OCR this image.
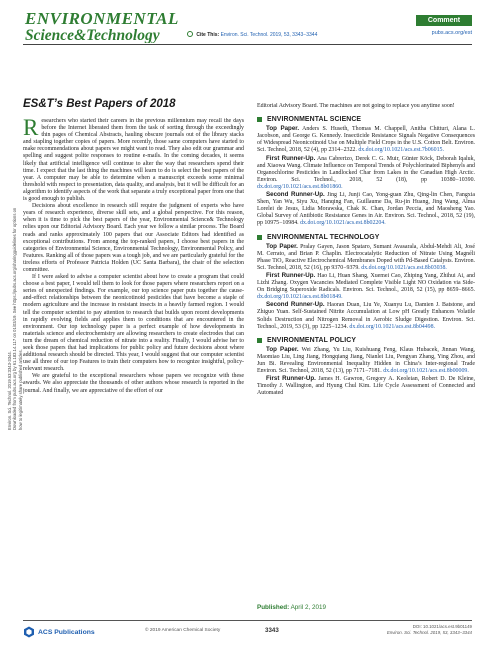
ENVIRONMENTAL
Science&Technology
Comment
Cite This: Environ. Sci. Technol. 2019, 53, 3343−3344	pubs.acs.org/est
Environ. Sci. Technol. 2019.53:3343-3344.
Downloaded from pubs.acs.org by 61.183.14.117 on 01/03/19. See https://pubs.acs.org/sharingguidelines for options on how to legitimately share published articles.
ES&T’s Best Papers of 2018

Researchers who started their careers in the previous millennium may recall the days before the Internet liberated them from the task of sorting through the exceedingly thin pages of Chemical Abstracts, hauling obscure journals out of the library stacks and stapling together copies of papers. More recently, those same computers have started to make recommendations about papers we might want to read. They also edit our grammar and spelling and suggest polite responses to routine e-mails. In the coming decades, it seems likely that artificial intelligence will continue to alter the way that researchers spend their time. I expect that the last thing the machines will learn to do is select the best papers of the year. A computer may be able to determine when a manuscript exceeds some minimal threshold with respect to presentation, data quality, and analysis, but it will be difficult for an algorithm to identify aspects of the work that separate a truly exceptional paper from one that is good enough to publish.

Decisions about excellence in research still require the judgment of experts who have years of research experience, diverse skill sets, and a global perspective. For this reason, when it is time to pick the best papers of the year, Environmental Science& Technology relies upon our Editorial Advisory Board. Each year we follow a similar process. The Board reads and ranks approximately 100 papers that our Associate Editors had identified as exceptional contributions. From among the top-ranked papers, I choose best papers in the categories of Environmental Science, Environmental Technology, Environmental Policy, and Features. Ranking all of those papers was a tough job, and we are particularly grateful for the tireless efforts of Professor Patricia Holden (UC Santa Barbara), the chair of the selection committee.

If I were asked to advise a computer scientist about how to create a program that could choose a best paper, I would tell them to look for those papers where researchers report on a series of unexpected findings. For example, our top science paper puts together the cause-and-effect relationships between the neonicotinoid pesticides that have become a staple of modern agriculture and the increase in resistant insects in a heavily farmed region. I would tell the computer scientist to pay attention to research that builds upon recent developments in rapidly evolving fields and applies them to conditions that are encountered in the environment. Our top technology paper is a perfect example of how developments in materials science and electrochemistry are allowing researchers to create electrodes that can turn the dream of chemical reduction of nitrate into a reality. Finally, I would advise her to seek those papers that had implications for public policy and future decisions about where additional research should be directed. This year, I would suggest that our computer scientist use all three of our top Features to train their computers how to recognize insightful, policy-relevant research.

We are grateful to the exceptional researchers whose papers we recognize with these awards. We also appreciate the thousands of other authors whose research is reported in the journal. And finally, we are appreciative of the effort of our

Editorial Advisory Board. The machines are not going to replace you anytime soon!

ENVIRONMENTAL SCIENCE

Top Paper. Anders S. Huseth, Thomas M. Chappell, Anitha Chitturi, Alana L. Jacobson, and George G. Kennedy. Insecticide Resistance Signals Negative Consequences of Widespread Neonicotinoid Use on Multiple Field Crops in the U.S. Cotton Belt. Environ. Sci. Technol, 2018, 52 (4), pp 2314−2322. dx.doi.org/10.1021/acs.est.7b06015.

First Runner-Up. Ana Cabrerizo, Derek C. G. Muir, Günter Köck, Deborah Iqaluk, and Xiaowa Wang. Climate Influence on Temporal Trends of Polychlorinated Biphenyls and Organochlorine Pesticides in Landlocked Char from Lakes in the Canadian High Arctic. Environ. Sci. Technol., 2018, 52 (18), pp 10380−10390. dx.doi.org/10.1021/acs.est.8b01860.

Second Runner-Up. Jing Li, Junji Cao, Yong-guan Zhu, Qing-lin Chen, Fangxia Shen, Yan Wu, Siyu Xu, Hanqing Fan, Guillaume Da, Ru-jin Huang, Jing Wang, Alma Lorelei de Jesus, Lidia Morawska, Chak K. Chan, Jordan Peccia, and Maosheng Yao. Global Survey of Antibiotic Resistance Genes in Air. Environ. Sci. Technol., 2018, 52 (19), pp 10975−10984. dx.doi.org/10.1021/acs.est.8b02204.

ENVIRONMENTAL TECHNOLOGY

Top Paper. Pralay Gayen, Jason Spataro, Sumant Avasarala, Abdul-Mehdi Ali, José M. Cerrato, and Brian P. Chaplin. Electrocatalytic Reduction of Nitrate Using Magnéli Phase TiO₂ Reactive Electrochemical Membranes Doped with Pd-Based Catalysts. Environ. Sci. Technol, 2018, 52 (16), pp 9370−9379. dx.doi.org/10.1021/acs.est.8b03038.

First Runner-Up. Hao Li, Huan Shang, Xuemei Cao, Zhiping Yang, Zhihui Ai, and Lizhi Zhang. Oxygen Vacancies Mediated Complete Visible Light NO Oxidation via Side-On Bridging Superoxide Radicals. Environ. Sci. Technol., 2018, 52 (15), pp 8659−8665. dx.doi.org/10.1021/acs.est.8b01849.

Second Runner-Up. Haoran Duan, Liu Ye, Xuanyu Lu, Damien J. Batstone, and Zhiguo Yuan. Self-Sustained Nitrite Accumulation at Low pH Greatly Enhances Volatile Solids Destruction and Nitrogen Removal in Aerobic Sludge Digestion. Environ. Sci. Technol., 2019, 53 (3), pp 1225−1234. dx.doi.org/10.1021/acs.est.8b04498.

ENVIRONMENTAL POLICY

Top Paper. Wei Zhang, Yu Liu, Kuishuang Feng, Klaus Hubacek, Jinnan Wang, Maomiao Liu, Ling Jiang, Hongqiang Jiang, Nianlei Liu, Pengyan Zhang, Ying Zhou, and Jun Bi. Revealing Environmental Inequality Hidden in China’s Inter-regional Trade Environ. Sci. Technol, 2018, 52 (13), pp 7171−7181. dx.doi.org/10.1021/acs.est.8b00009.

First Runner-Up. James H. Gawron, Gregory A. Keoleian, Robert D. De Kleine, Timothy J. Wallington, and Hyung Chul Kim. Life Cycle Assessment of Connected and Automated

Published: April 2, 2019
ACS Publications	© 2019 American Chemical Society	3343
DOI: 10.1021/acs.est.9b01149
Environ. Sci. Technol. 2019, 53, 3343−3344
